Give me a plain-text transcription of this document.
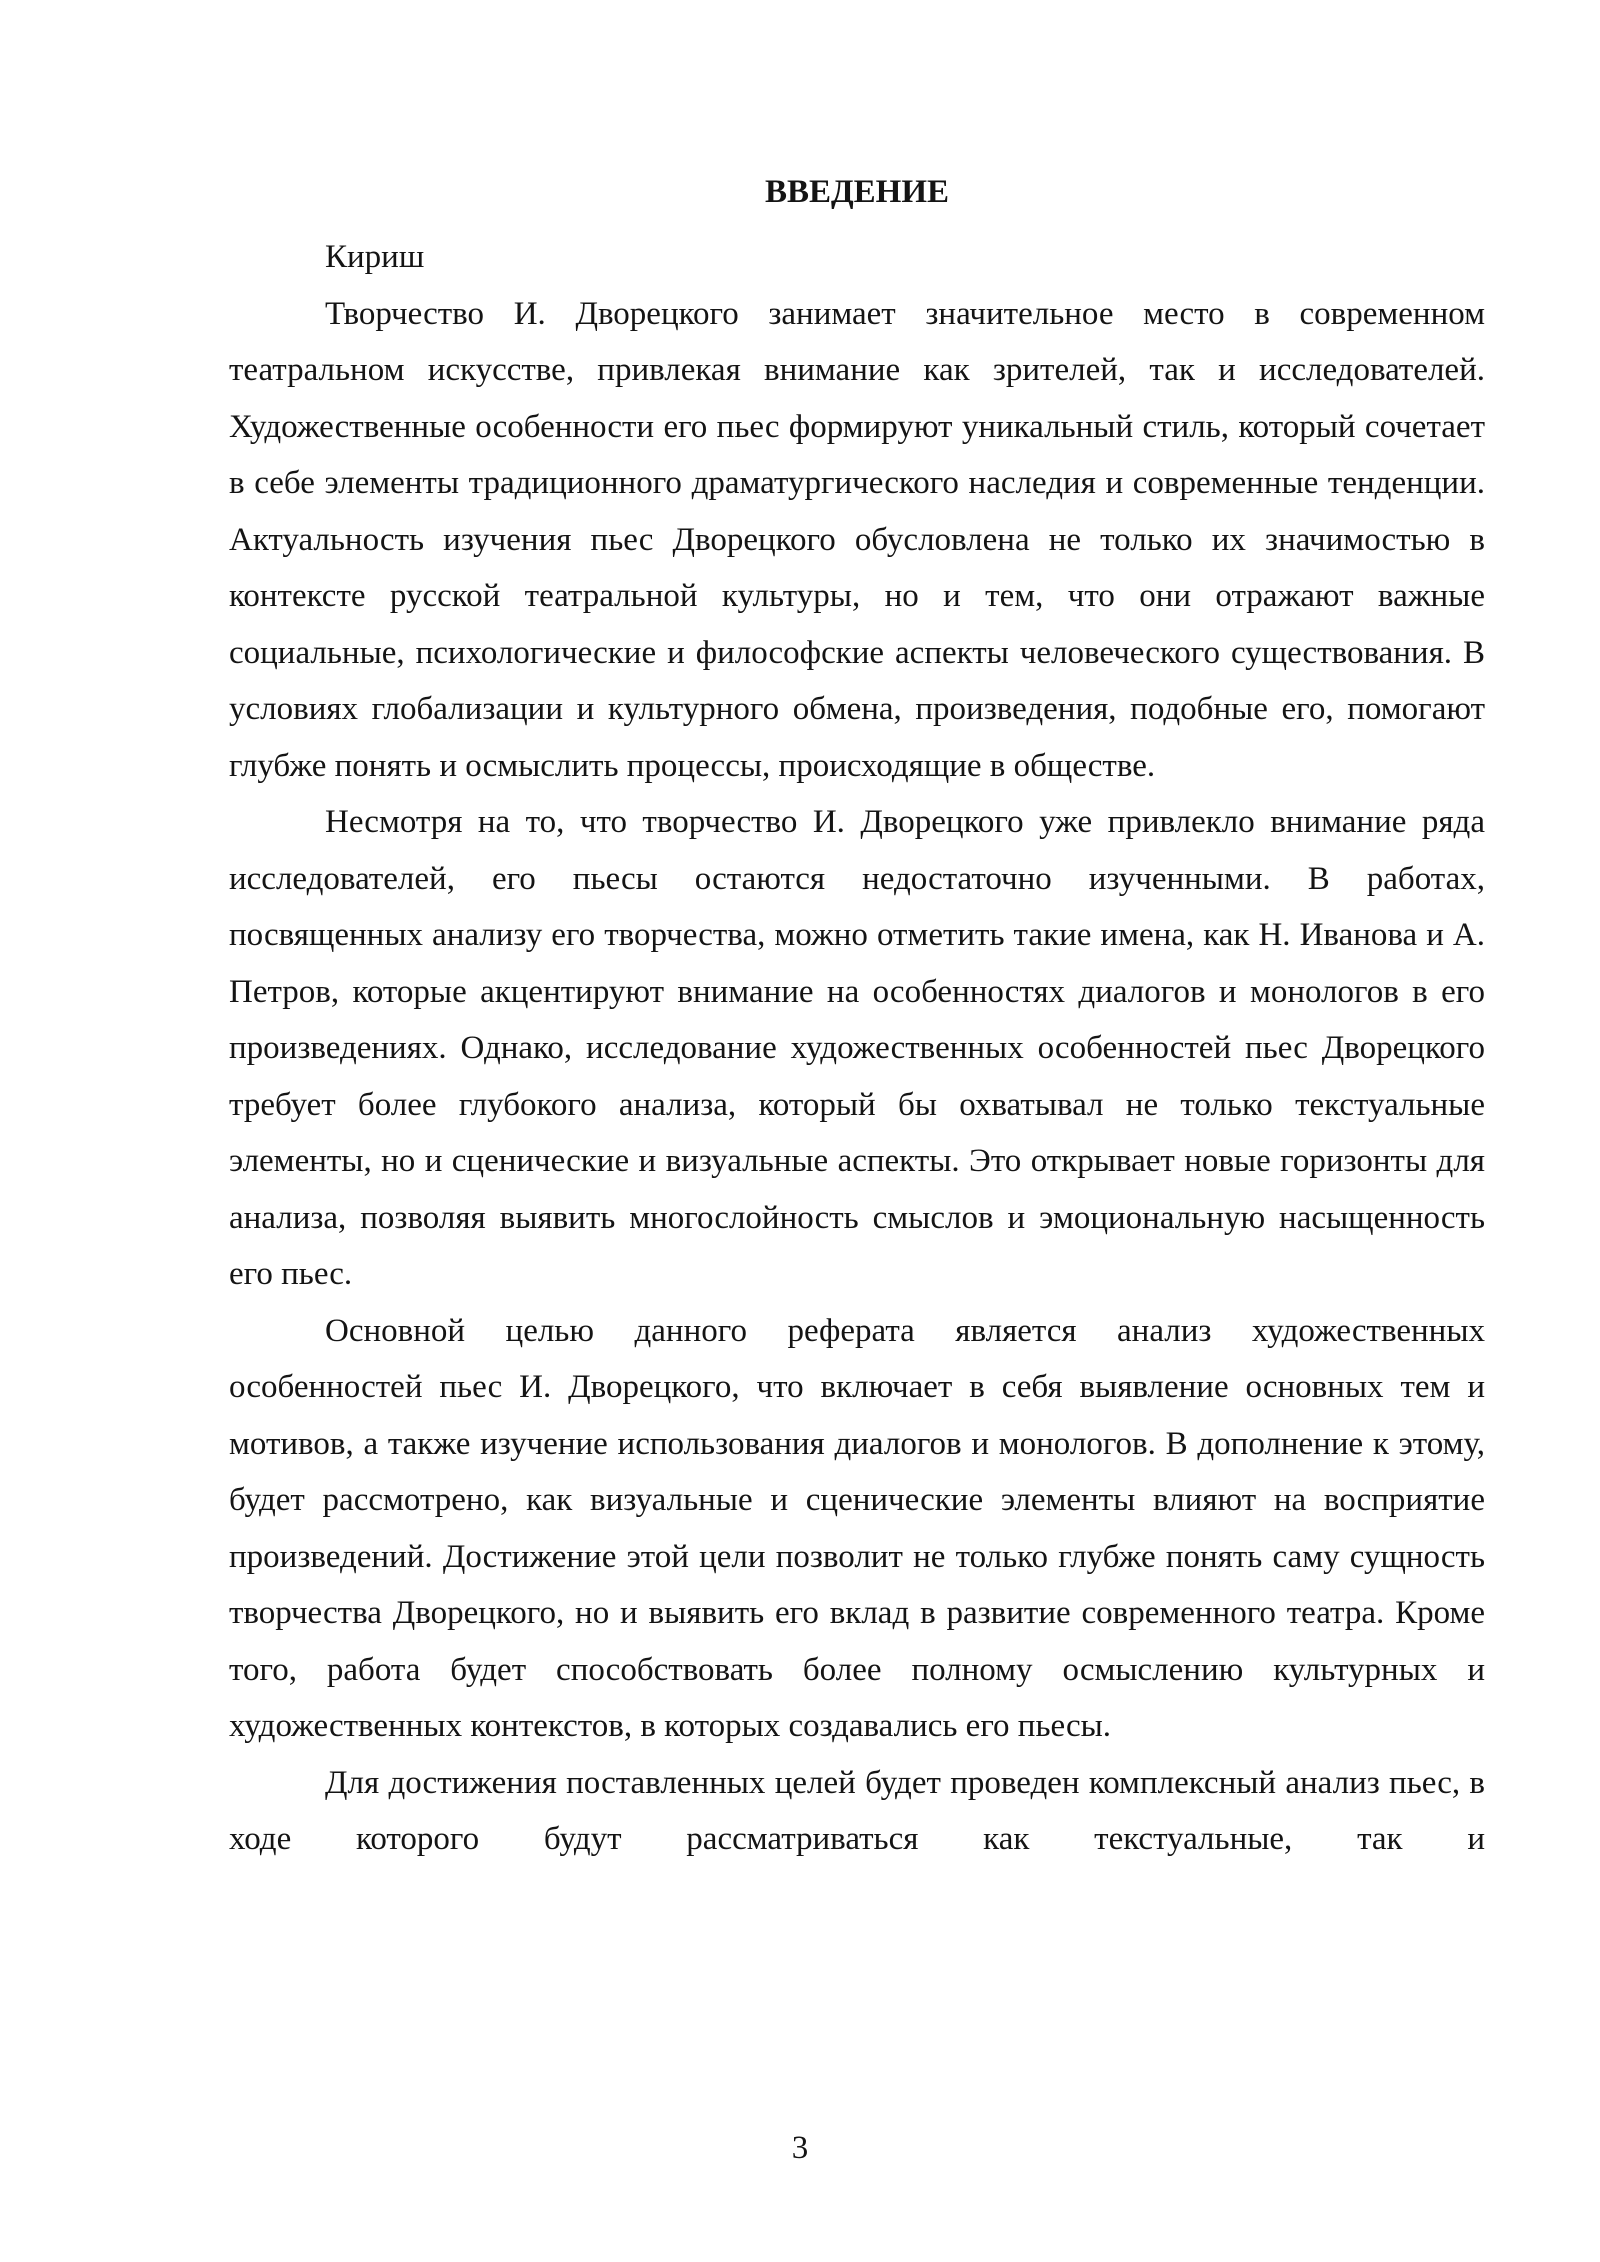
ВВЕДЕНИЕ

Кириш

Творчество И. Дворецкого занимает значительное место в современном театральном искусстве, привлекая внимание как зрителей, так и исследователей. Художественные особенности его пьес формируют уникальный стиль, который сочетает в себе элементы традиционного драматургического наследия и современные тенденции. Актуальность изучения пьес Дворецкого обусловлена не только их значимостью в контексте русской театральной культуры, но и тем, что они отражают важные социальные, психологические и философские аспекты человеческого существования. В условиях глобализации и культурного обмена, произведения, подобные его, помогают глубже понять и осмыслить процессы, происходящие в обществе.

Несмотря на то, что творчество И. Дворецкого уже привлекло внимание ряда исследователей, его пьесы остаются недостаточно изученными. В работах, посвященных анализу его творчества, можно отметить такие имена, как Н. Иванова и А. Петров, которые акцентируют внимание на особенностях диалогов и монологов в его произведениях. Однако, исследование художественных особенностей пьес Дворецкого требует более глубокого анализа, который бы охватывал не только текстуальные элементы, но и сценические и визуальные аспекты. Это открывает новые горизонты для анализа, позволяя выявить многослойность смыслов и эмоциональную насыщенность его пьес.

Основной целью данного реферата является анализ художественных особенностей пьес И. Дворецкого, что включает в себя выявление основных тем и мотивов, а также изучение использования диалогов и монологов. В дополнение к этому, будет рассмотрено, как визуальные и сценические элементы влияют на восприятие произведений. Достижение этой цели позволит не только глубже понять саму сущность творчества Дворецкого, но и выявить его вклад в развитие современного театра. Кроме того, работа будет способствовать более полному осмыслению культурных и художественных контекстов, в которых создавались его пьесы.

Для достижения поставленных целей будет проведен комплексный анализ пьес, в ходе которого будут рассматриваться как текстуальные, так и

3
